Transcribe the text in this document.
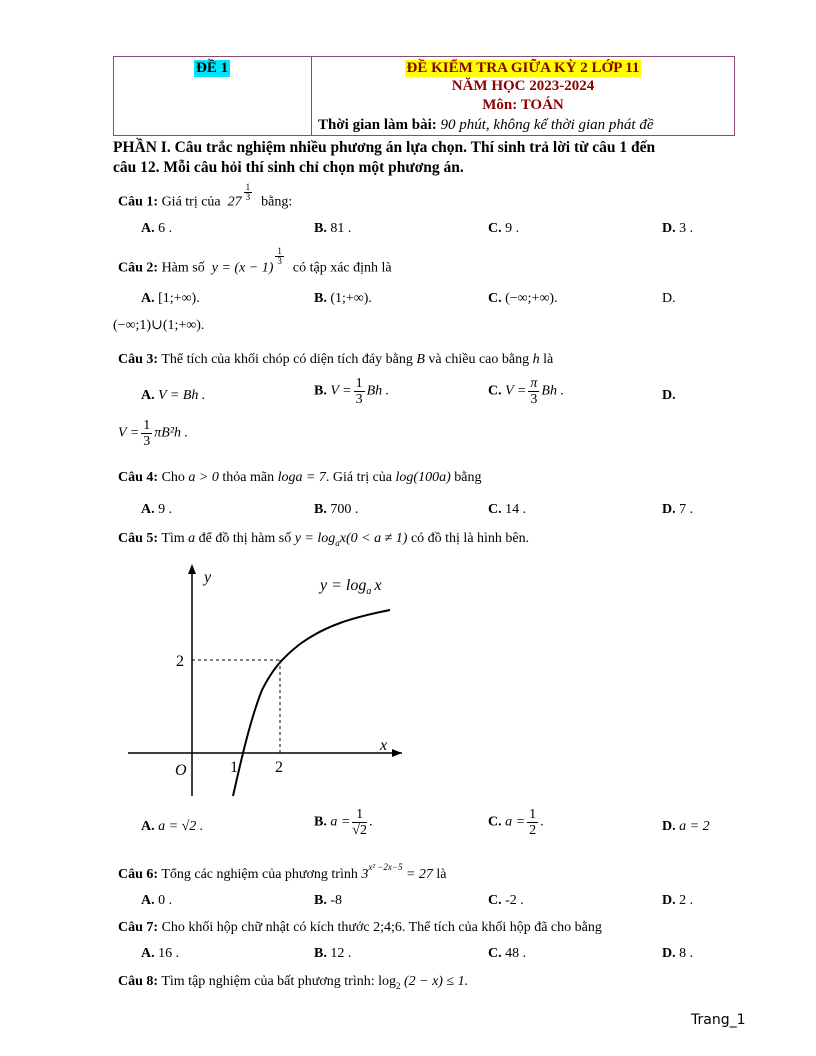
ĐỀ 1	ĐỀ KIỂM TRA GIỮA KỲ 2 LỚP 11
NĂM HỌC 2023-2024
Môn: TOÁN
Thời gian làm bài: 90 phút, không kể thời gian phát đề
PHẦN I. Câu trắc nghiệm nhiều phương án lựa chọn. Thí sinh trả lời từ câu 1 đến
câu 12. Mỗi câu hỏi thí sinh chỉ chọn một phương án.
Câu 1: Giá trị của 27
$\frac{1}{3}$
bằng:
A. 6 .	B. 81 .	C. 9 .	D. 3 .
Câu 2: Hàm số y = (x − 1)
$\frac{1}{3}$
có tập xác định là
A. [1;+∞).	B. (1;+∞).	C. (−∞;+∞).	D.
(−∞;1)∪(1;+∞).
Câu 3: Thể tích của khối chóp có diện tích đáy bằng B và chiều cao bằng h là
A. V = Bh .	B. $V = \frac{1}{3}$ Bh .	C. $V = \frac{\pi}{3}$ Bh .	D.
$V = \frac{1}{3} \pi B^2h$ .
Câu 4: Cho a > 0 thỏa mãn loga = 7. Giá trị của log(100a) bằng
A. 9 .	B. 700 .	C. 14 .	D. 7 .
Câu 5: Tìm a để đồ thị hàm số $y = \log_ax(0 < a \ne 1)$ có đồ thị là hình bên.
y
x
O
2
1 2
$y = \log_a x$
A. a = √2 .	B. $a = \frac{1}{√2}$ .	C. $a = \frac{1}{2}$ .	D. a = 2
Câu 6: Tổng các nghiệm của phương trình $3^{x^2 -2x-5} = 27$ là
A. 0 .	B. -8	C. -2 .	D. 2 .
Câu 7: Cho khối hộp chữ nhật có kích thước 2;4;6. Thể tích của khối hộp đã cho bằng
A. 16 .	B. 12 .	C. 48 .	D. 8 .
Câu 8: Tìm tập nghiệm của bất phương trình: $\log_2 (2 - x) \le 1$.
Trang_1
